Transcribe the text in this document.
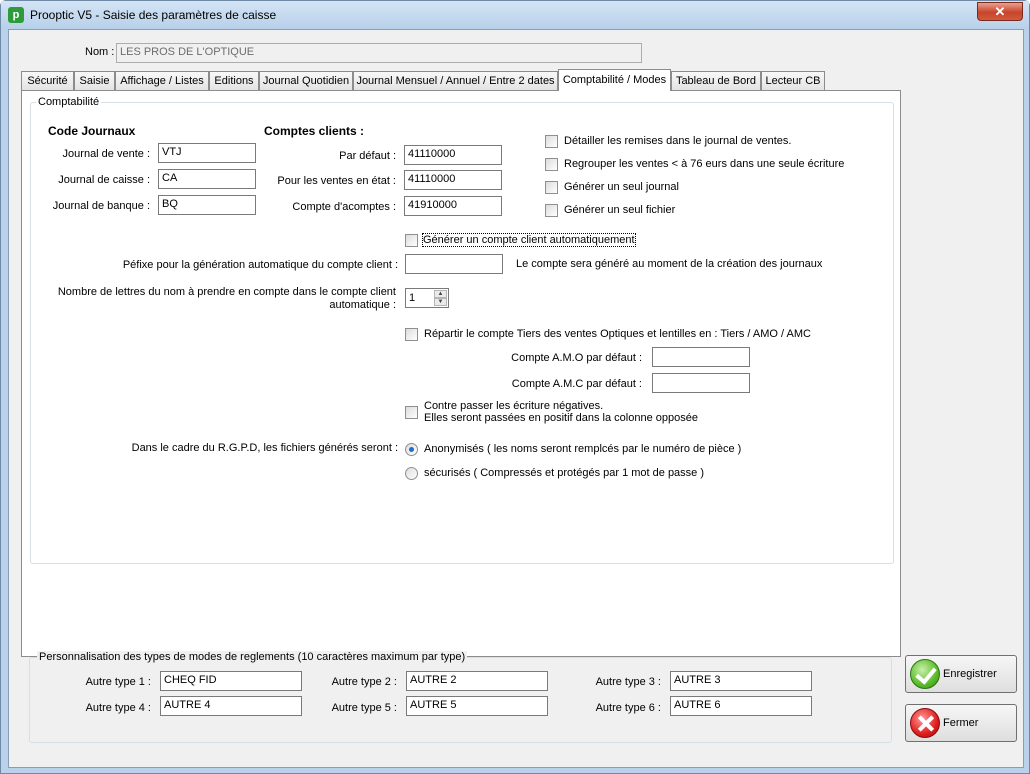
p Prooptic V5 - Saisie des paramètres de caisse	✕
Nom : LES PROS DE L'OPTIQUE
Sécurité	Saisie Affichage / Listes Editions Journal Quotidien Journal Mensuel / Annuel / Entre 2 dates Comptabilité / Modes Tableau de Bord Lecteur CB
Comptabilité
Code Journaux
Journal de vente :	VTJ
Journal de caisse :	CA
Journal de banque :	BQ
Comptes clients :
Par défaut :	41110000
Pour les ventes en état :	41110000
Compte d'acomptes :	41910000
Détailler les remises dans le journal de ventes.
Regrouper les ventes < à 76 eurs dans une seule écriture
Générer un seul journal
Générer un seul fichier
Générer un compte client automatiquement
Péfixe pour la génération automatique du compte client :	Le compte sera généré au moment de la création des journaux
Nombre de lettres du nom à prendre en compte dans le compte client
automatique :
1	▲
▼
Répartir le compte Tiers des ventes Optiques et lentilles en : Tiers / AMO / AMC
Compte A.M.O par défaut :
Compte A.M.C par défaut :
Contre passer les écriture négatives.
Elles seront passées en positif dans la colonne opposée
Dans le cadre du R.G.P.D, les fichiers générés seront : Anonymisés ( les noms seront remplcés par le numéro de pièce )
sécurisés ( Compressés et protégés par 1 mot de passe )
Personnalisation des types de modes de reglements (10 caractères maximum par type)
Autre type 1 :	CHEQ FID	Autre type 2 :	AUTRE 2	Autre type 3 :	AUTRE 3
Autre type 4 :	AUTRE 4	Autre type 5 :	AUTRE 5	Autre type 6 :	AUTRE 6
Enregistrer
Fermer
